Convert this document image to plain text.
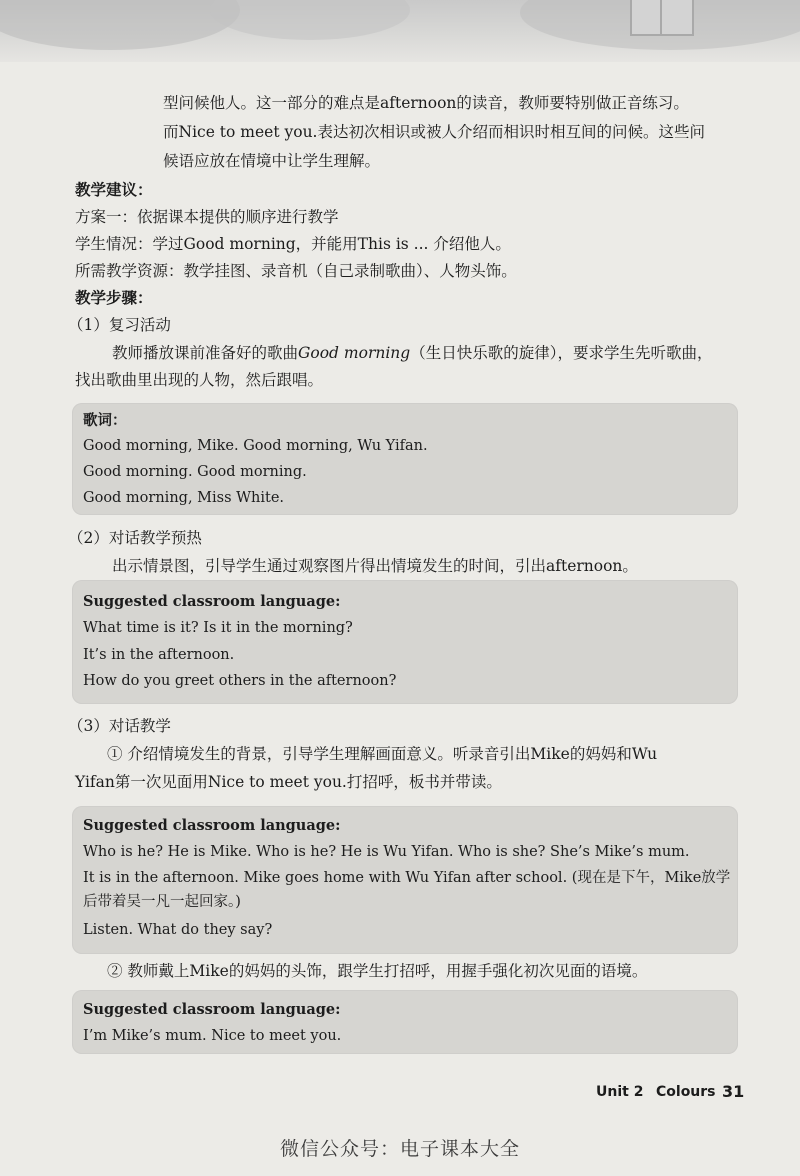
型问候他人。这一部分的难点是afternoon的读音，教师要特别做正音练习。
而Nice to meet you.表达初次相识或被人介绍而相识时相互间的问候。这些问
候语应放在情境中让学生理解。
教学建议：
方案一：依据课本提供的顺序进行教学
学生情况：学过Good morning，并能用This is ... 介绍他人。
所需教学资源：教学挂图、录音机（自己录制歌曲）、人物头饰。
教学步骤：
（1）复习活动
教师播放课前准备好的歌曲Good morning（生日快乐歌的旋律），要求学生先听歌曲，
找出歌曲里出现的人物，然后跟唱。
歌词：
Good morning, Mike. Good morning, Wu Yifan.
Good morning. Good morning.
Good morning, Miss White.
（2）对话教学预热
出示情景图，引导学生通过观察图片得出情境发生的时间，引出afternoon。
Suggested classroom language:
What time is it? Is it in the morning?
It’s in the afternoon.
How do you greet others in the afternoon?
（3）对话教学
① 介绍情境发生的背景，引导学生理解画面意义。听录音引出Mike的妈妈和Wu
Yifan第一次见面用Nice to meet you.打招呼，板书并带读。
Suggested classroom language:
Who is he? He is Mike. Who is he? He is Wu Yifan. Who is she? She’s Mike’s mum.
It is in the afternoon. Mike goes home with Wu Yifan after school. (现在是下午，Mike放学
后带着吴一凡一起回家。)
Listen. What do they say?
② 教师戴上Mike的妈妈的头饰，跟学生打招呼，用握手强化初次见面的语境。
Suggested classroom language:
I’m Mike’s mum. Nice to meet you.
Unit 2 Colours 31
微信公众号：电子课本大全
